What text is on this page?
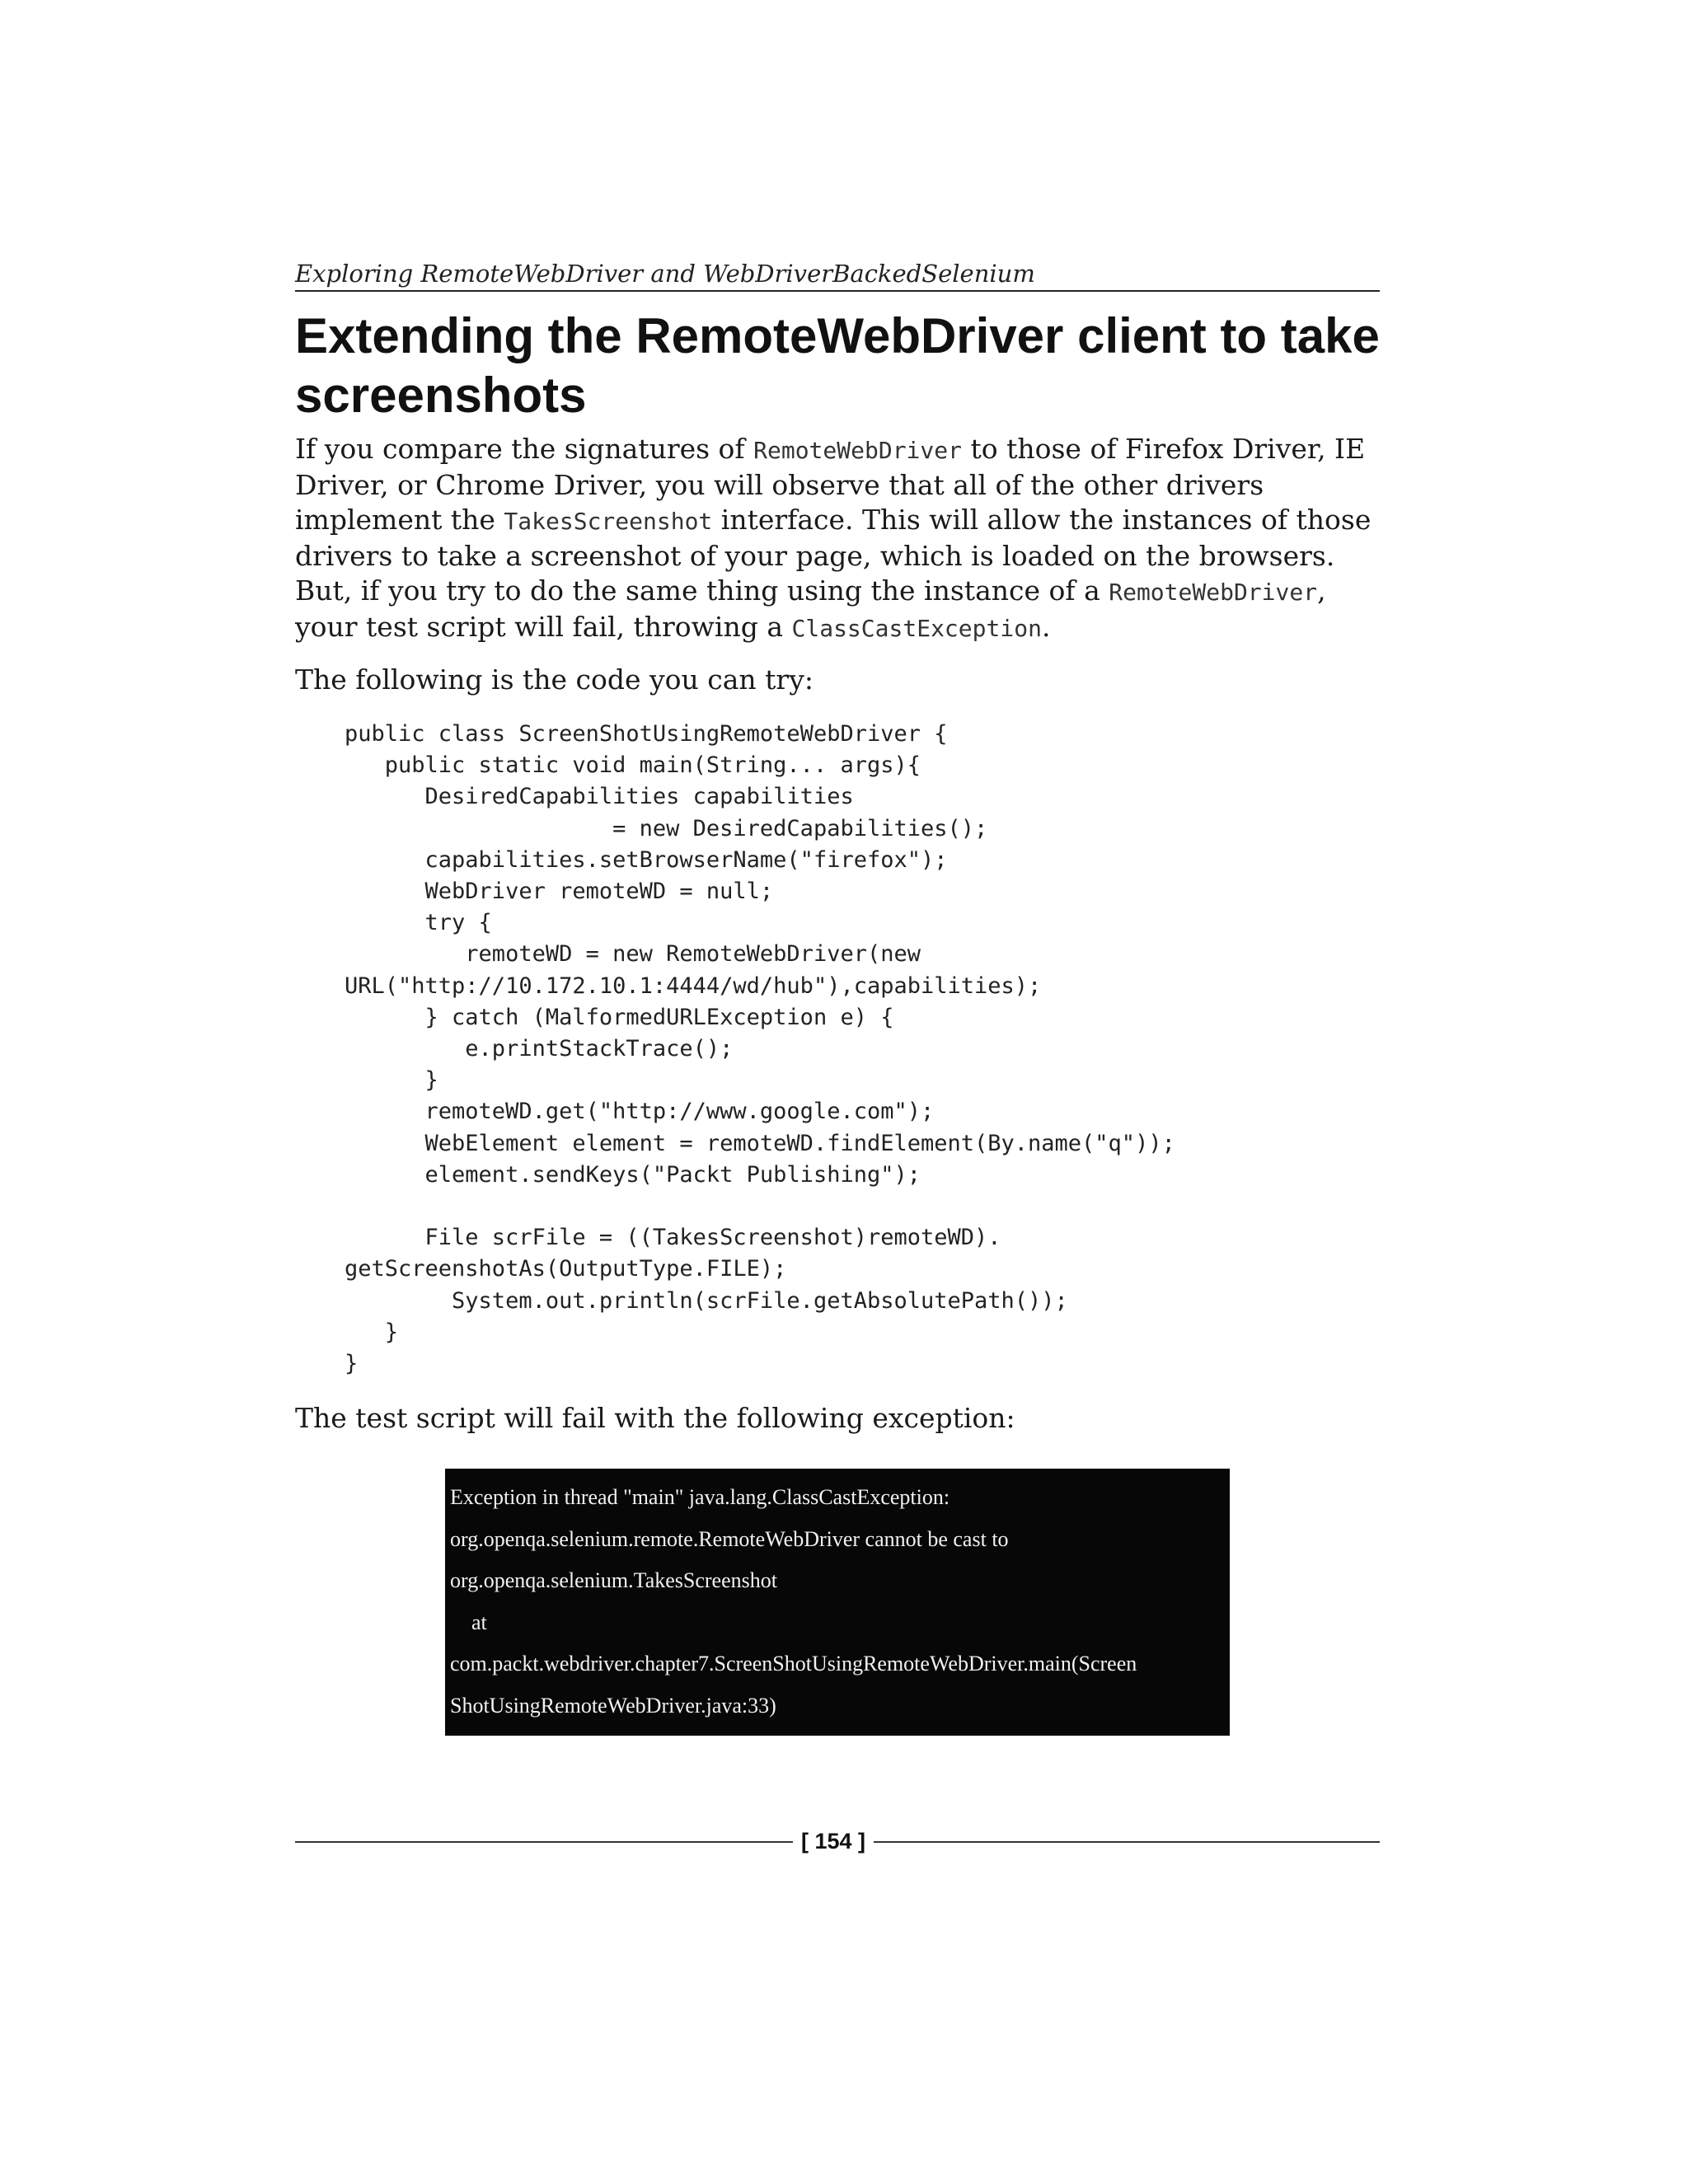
Exploring RemoteWebDriver and WebDriverBackedSelenium
Extending the RemoteWebDriver client to take screenshots

If you compare the signatures of RemoteWebDriver to those of Firefox Driver, IE Driver, or Chrome Driver, you will observe that all of the other drivers implement the TakesScreenshot interface. This will allow the instances of those drivers to take a screenshot of your page, which is loaded on the browsers. But, if you try to do the same thing using the instance of a RemoteWebDriver, your test script will fail, throwing a ClassCastException.

The following is the code you can try:

public class ScreenShotUsingRemoteWebDriver {
public static void main(String... args){
DesiredCapabilities capabilities
= new DesiredCapabilities();
capabilities.setBrowserName("firefox");
WebDriver remoteWD = null;
try {
remoteWD = new RemoteWebDriver(new
URL("http://10.172.10.1:4444/wd/hub"),capabilities);
} catch (MalformedURLException e) {
e.printStackTrace();
}
remoteWD.get("http://www.google.com");
WebElement element = remoteWD.findElement(By.name("q"));
element.sendKeys("Packt Publishing");
File scrFile = ((TakesScreenshot)remoteWD).
getScreenshotAs(OutputType.FILE);
System.out.println(scrFile.getAbsolutePath());
}
}

The test script will fail with the following exception:

Exception in thread "main" java.lang.ClassCastException:
org.openqa.selenium.remote.RemoteWebDriver cannot be cast to
org.openqa.selenium.TakesScreenshot
at
com.packt.webdriver.chapter7.ScreenShotUsingRemoteWebDriver.main(Screen
ShotUsingRemoteWebDriver.java:33)
[ 154 ]
